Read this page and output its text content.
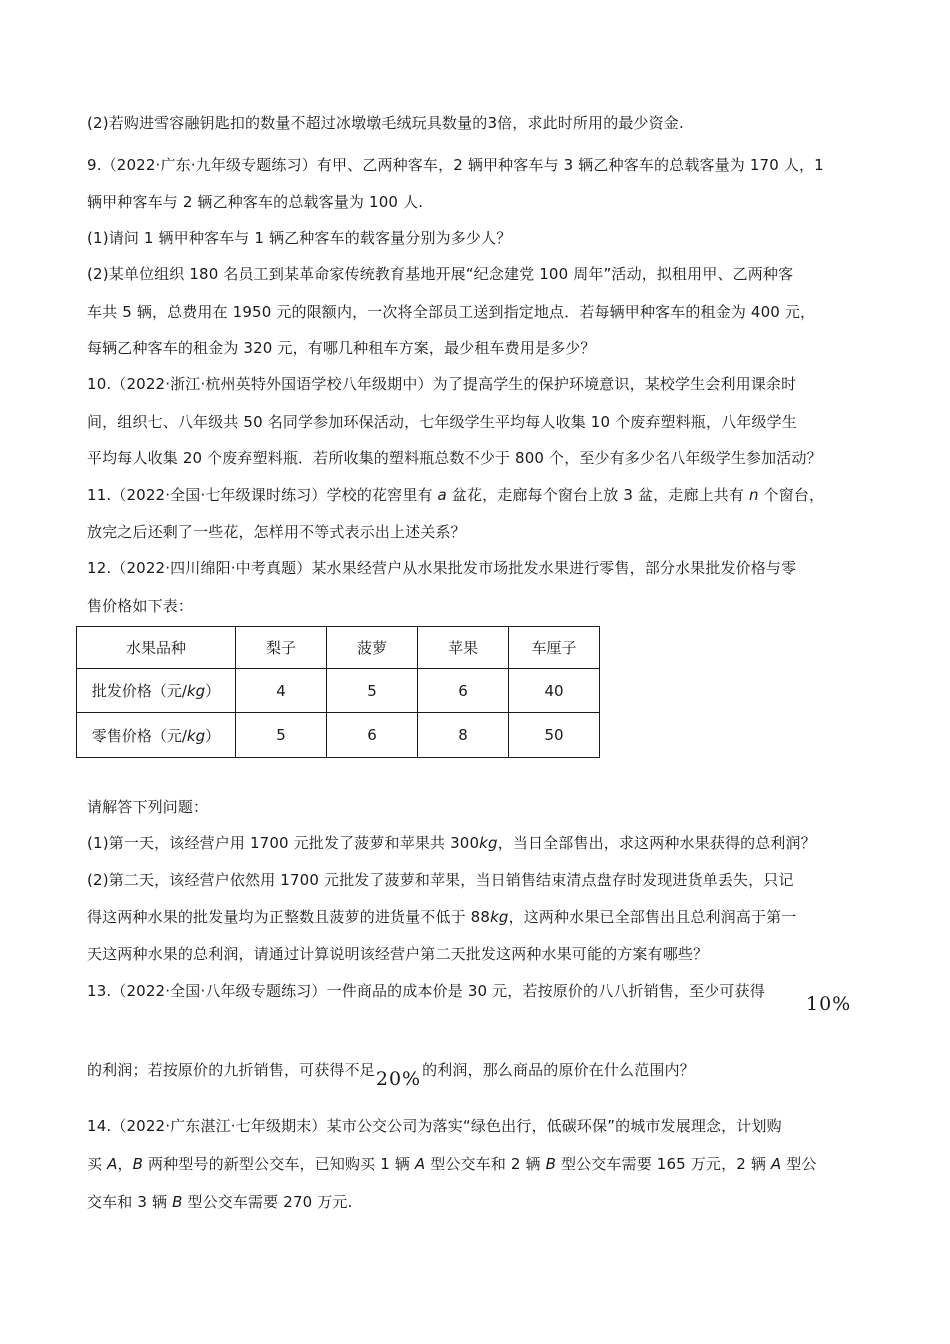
(2)若购进雪容融钥匙扣的数量不超过冰墩墩毛绒玩具数量的3倍，求此时所用的最少资金.
9.（2022·广东·九年级专题练习）有甲、乙两种客车，2 辆甲种客车与 3 辆乙种客车的总载客量为 170 人，1
辆甲种客车与 2 辆乙种客车的总载客量为 100 人.
(1)请问 1 辆甲种客车与 1 辆乙种客车的载客量分别为多少人？
(2)某单位组织 180 名员工到某革命家传统教育基地开展“纪念建党 100 周年”活动，拟租用甲、乙两种客
车共 5 辆，总费用在 1950 元的限额内，一次将全部员工送到指定地点．若每辆甲种客车的租金为 400 元，
每辆乙种客车的租金为 320 元，有哪几种租车方案，最少租车费用是多少？
10.（2022·浙江·杭州英特外国语学校八年级期中）为了提高学生的保护环境意识，某校学生会利用课余时
间，组织七、八年级共 50 名同学参加环保活动，七年级学生平均每人收集 10 个废弃塑料瓶，八年级学生
平均每人收集 20 个废弃塑料瓶．若所收集的塑料瓶总数不少于 800 个，至少有多少名八年级学生参加活动？
11.（2022·全国·七年级课时练习）学校的花窖里有 a 盆花，走廊每个窗台上放 3 盆，走廊上共有 n 个窗台，
放完之后还剩了一些花，怎样用不等式表示出上述关系？
12.（2022·四川绵阳·中考真题）某水果经营户从水果批发市场批发水果进行零售，部分水果批发价格与零
售价格如下表：
水果品种	梨子	菠萝	苹果	车厘子
批发价格（元/kg）	4	5	6	40
零售价格（元/kg）	5	6	8	50
请解答下列问题：
(1)第一天，该经营户用 1700 元批发了菠萝和苹果共 300kg，当日全部售出，求这两种水果获得的总利润？
(2)第二天，该经营户依然用 1700 元批发了菠萝和苹果，当日销售结束清点盘存时发现进货单丢失，只记
得这两种水果的批发量均为正整数且菠萝的进货量不低于 88kg，这两种水果已全部售出且总利润高于第一
天这两种水果的总利润，请通过计算说明该经营户第二天批发这两种水果可能的方案有哪些？
13.（2022·全国·八年级专题练习）一件商品的成本价是 30 元，若按原价的八八折销售，至少可获得
10%
的利润；若按原价的九折销售，可获得不足20%的利润，那么商品的原价在什么范围内？
14.（2022·广东湛江·七年级期末）某市公交公司为落实“绿色出行，低碳环保”的城市发展理念，计划购
买 A，B 两种型号的新型公交车，已知购买 1 辆 A 型公交车和 2 辆 B 型公交车需要 165 万元，2 辆 A 型公
交车和 3 辆 B 型公交车需要 270 万元.
